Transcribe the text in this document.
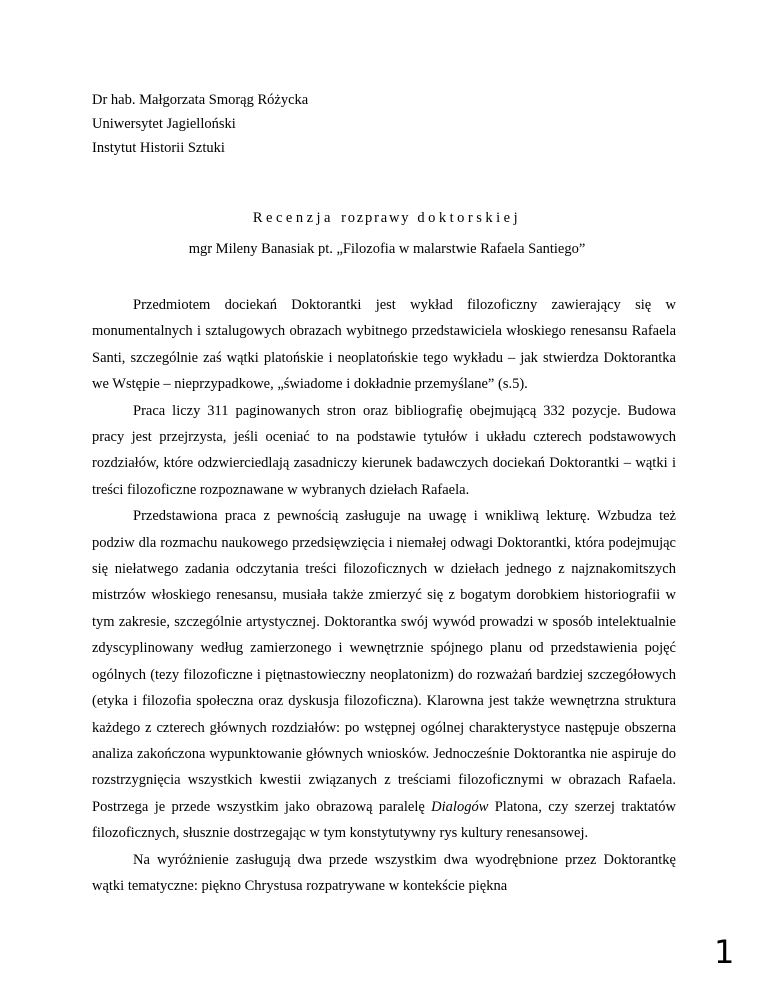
Dr hab. Małgorzata Smorąg Różycka
Uniwersytet Jagielloński
Instytut Historii Sztuki
Recenzja rozprawy doktorskiej
mgr Mileny Banasiak pt. „Filozofia w malarstwie Rafaela Santiego”

Przedmiotem dociekań Doktorantki jest wykład filozoficzny zawierający się w monumentalnych i sztalugowych obrazach wybitnego przedstawiciela włoskiego renesansu Rafaela Santi, szczególnie zaś wątki platońskie i neoplatońskie tego wykładu – jak stwierdza Doktorantka we Wstępie – nieprzypadkowe, „świadome i dokładnie przemyślane” (s.5).

Praca liczy 311 paginowanych stron oraz bibliografię obejmującą 332 pozycje. Budowa pracy jest przejrzysta, jeśli oceniać to na podstawie tytułów i układu czterech podstawowych rozdziałów, które odzwierciedlają zasadniczy kierunek badawczych dociekań Doktorantki – wątki i treści filozoficzne rozpoznawane w wybranych dziełach Rafaela.

Przedstawiona praca z pewnością zasługuje na uwagę i wnikliwą lekturę. Wzbudza też podziw dla rozmachu naukowego przedsięwzięcia i niemałej odwagi Doktorantki, która podejmując się niełatwego zadania odczytania treści filozoficznych w dziełach jednego z najznakomitszych mistrzów włoskiego renesansu, musiała także zmierzyć się z bogatym dorobkiem historiografii w tym zakresie, szczególnie artystycznej. Doktorantka swój wywód prowadzi w sposób intelektualnie zdyscyplinowany według zamierzonego i wewnętrznie spójnego planu od przedstawienia pojęć ogólnych (tezy filozoficzne i piętnastowieczny neoplatonizm) do rozważań bardziej szczegółowych (etyka i filozofia społeczna oraz dyskusja filozoficzna). Klarowna jest także wewnętrzna struktura każdego z czterech głównych rozdziałów: po wstępnej ogólnej charakterystyce następuje obszerna analiza zakończona wypunktowanie głównych wniosków. Jednocześnie Doktorantka nie aspiruje do rozstrzygnięcia wszystkich kwestii związanych z treściami filozoficznymi w obrazach Rafaela. Postrzega je przede wszystkim jako obrazową paralelę Dialogów Platona, czy szerzej traktatów filozoficznych, słusznie dostrzegając w tym konstytutywny rys kultury renesansowej.

Na wyróżnienie zasługują dwa przede wszystkim dwa wyodrębnione przez Doktorantkę wątki tematyczne: piękno Chrystusa rozpatrywane w kontekście piękna

1
